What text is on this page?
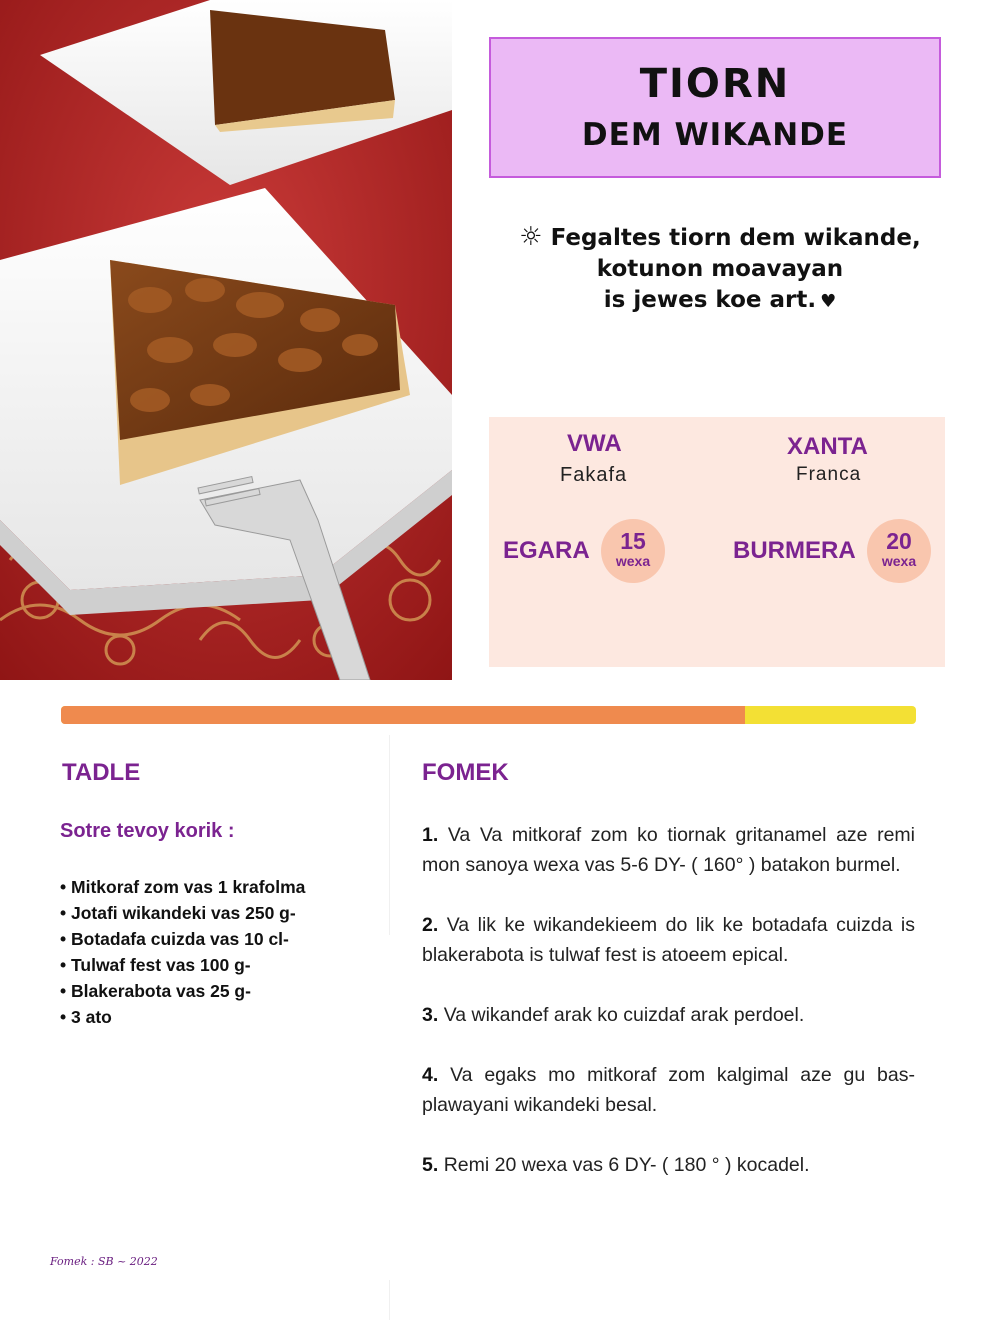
TIORN
DEM WIKANDE
☼ Fegaltes tiorn dem wikande,
kotunon moavayan
is jewes koe art. ♥
VWA
Fakafa
XANTA
Franca
EGARA	15
wexa	BURMERA	20
wexa
TADLE
Sotre tevoy korik :
• Mitkoraf zom vas 1 krafolma
• Jotafi wikandeki vas 250 g-
• Botadafa cuizda vas 10 cl-
• Tulwaf fest vas 100 g-
• Blakerabota vas 25 g-
• 3 ato
FOMEK

1. Va Va mitkoraf zom ko tiornak gritanamel aze remi mon sanoya wexa vas 5-6 DY- ( 160° ) batakon burmel.

2. Va lik ke wikandekieem do lik ke botadafa cuizda is blakerabota is tulwaf fest is atoeem epical.

3. Va wikandef arak ko cuizdaf arak perdoel.

4. Va egaks mo mitkoraf zom kalgimal aze gu bas-plawayani wikandeki besal.

5. Remi 20 wexa vas 6 DY- ( 180 ° ) kocadel.

Fomek : SB ~ 2022
